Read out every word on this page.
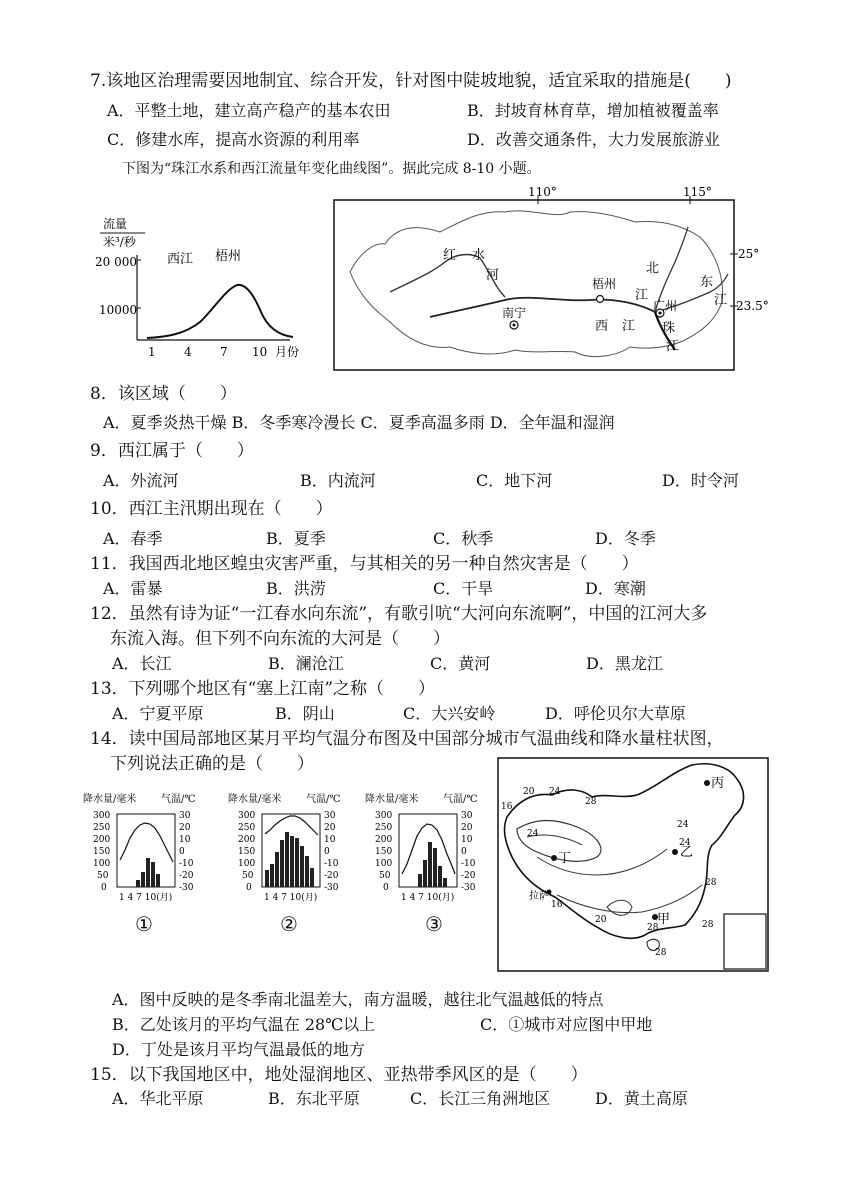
7.该地区治理需要因地制宜、综合开发，针对图中陡坡地貌，适宜采取的措施是(　　)
A．平整土地，建立高产稳产的基本农田	B．封坡育林育草，增加植被覆盖率
C．修建水库，提高水资源的利用率	D．改善交通条件，大力发展旅游业
下图为“珠江水系和西江流量年变化曲线图”。据此完成 8-10 小题。
流量
米³/秒
20 000
10000
西江 梧州
1 4 7 10 月份
110°	115°
25°
23.5°
红 水
河	北
东
江
江
梧州
广州
南宁
西 江 珠
江
8．该区域（　　）
A．夏季炎热干燥 B．冬季寒冷漫长 C．夏季高温多雨 D．全年温和湿润
9．西江属于（　　）
A．外流河	B．内流河	C．地下河	D．时令河
10．西江主汛期出现在（　　）
A．春季	B．夏季	C．秋季	D．冬季
11．我国西北地区蝗虫灾害严重，与其相关的另一种自然灾害是（　　）
A．雷暴	B．洪涝	C．干旱	D．寒潮
12．虽然有诗为证“一江春水向东流”，有歌引吭“大河向东流啊”，中国的江河大多
东流入海。但下列不向东流的大河是（　　）
A．长江	B．澜沧江	C．黄河	D．黑龙江
13．下列哪个地区有“塞上江南”之称（　　）
A．宁夏平原	B．阴山	C．大兴安岭	D．呼伦贝尔大草原
14．读中国局部地区某月平均气温分布图及中国部分城市气温曲线和降水量柱状图，
下列说法正确的是（　　）
降水量/毫米 气温/℃
300
250
200
150
100
50
0
30
20
10
0
-10
-20
-30
1 4 7 10(月)
①
降水量/毫米 气温/℃
300
250
200
150
100
50
0
30
20
10
0
-10
-20
-30
1 4 7 10(月)
②
降水量/毫米 气温/℃
300
250
200
150
100
50
0
30
20
10
0
-10
-20
-30
1 4 7 10(月)
③
20 24
28
16
24
24
24
16
28
20
28	28
28
丙
丁	乙
甲
拉萨
A．图中反映的是冬季南北温差大，南方温暖，越往北气温越低的特点
B．乙处该月的平均气温在 28℃以上	C．①城市对应图中甲地
D．丁处是该月平均气温最低的地方
15．以下我国地区中，地处湿润地区、亚热带季风区的是（　　）
A．华北平原	B．东北平原	C．长江三角洲地区	D．黄土高原
